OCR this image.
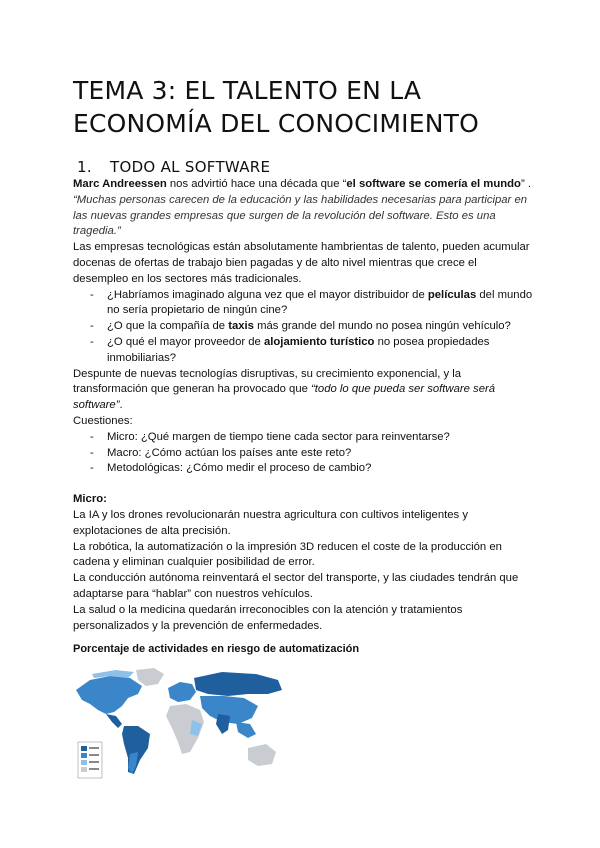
TEMA 3: EL TALENTO EN LA
ECONOMÍA DEL CONOCIMIENTO
1. TODO AL SOFTWARE

Marc Andreessen nos advirtió hace una década que “el software se comería el mundo” .

“Muchas personas carecen de la educación y las habilidades necesarias para participar en las nuevas grandes empresas que surgen de la revolución del software. Esto es una tragedia.”

Las empresas tecnológicas están absolutamente hambrientas de talento, pueden acumular docenas de ofertas de trabajo bien pagadas y de alto nivel mientras que crece el desempleo en los sectores más tradicionales.

- ¿Habríamos imaginado alguna vez que el mayor distribuidor de películas del mundo no sería propietario de ningún cine?
- ¿O que la compañía de taxis más grande del mundo no posea ningún vehículo?
- ¿O qué el mayor proveedor de alojamiento turístico no posea propiedades inmobiliarias?

Despunte de nuevas tecnologías disruptivas, su crecimiento exponencial, y la transformación que generan ha provocado que “todo lo que pueda ser software será software”.

Cuestiones:

- Micro: ¿Qué margen de tiempo tiene cada sector para reinventarse?
- Macro: ¿Cómo actúan los países ante este reto?
- Metodológicas: ¿Cómo medir el proceso de cambio?

Micro:

La IA y los drones revolucionarán nuestra agricultura con cultivos inteligentes y explotaciones de alta precisión.

La robótica, la automatización o la impresión 3D reducen el coste de la producción en cadena y eliminan cualquier posibilidad de error.

La conducción autónoma reinventará el sector del transporte, y las ciudades tendrán que adaptarse para “hablar” con nuestros vehículos.

La salud o la medicina quedarán irreconocibles con la atención y tratamientos personalizados y la prevención de enfermedades.

Porcentaje de actividades en riesgo de automatización
